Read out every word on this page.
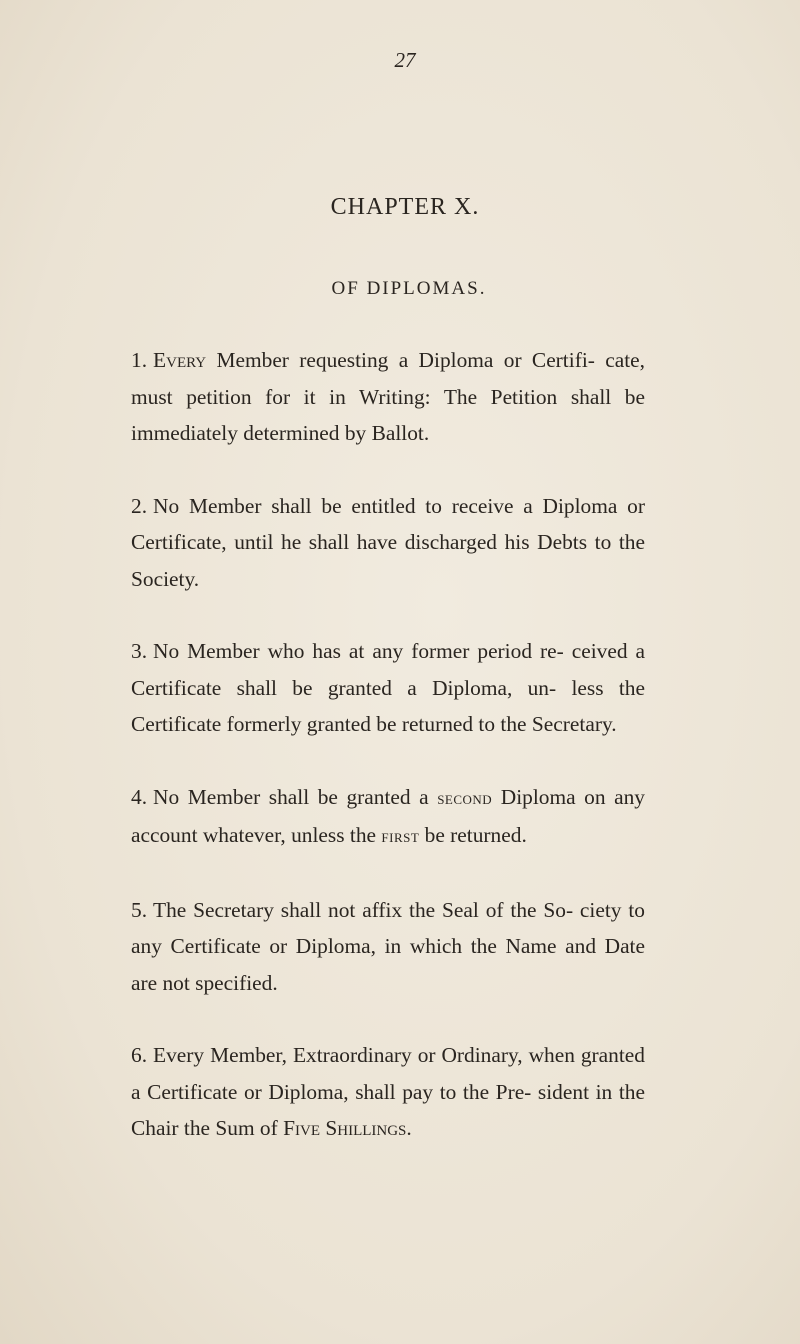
27
CHAPTER X.
OF DIPLOMAS.

1. Every Member requesting a Diploma or Certifi- cate, must petition for it in Writing: The Petition shall be immediately determined by Ballot.

2. No Member shall be entitled to receive a Diploma or Certificate, until he shall have discharged his Debts to the Society.

3. No Member who has at any former period re- ceived a Certificate shall be granted a Diploma, un- less the Certificate formerly granted be returned to the Secretary.

4. No Member shall be granted a second Diploma on any account whatever, unless the first be returned.

5. The Secretary shall not affix the Seal of the So- ciety to any Certificate or Diploma, in which the Name and Date are not specified.

6. Every Member, Extraordinary or Ordinary, when granted a Certificate or Diploma, shall pay to the Pre- sident in the Chair the Sum of Five Shillings.
